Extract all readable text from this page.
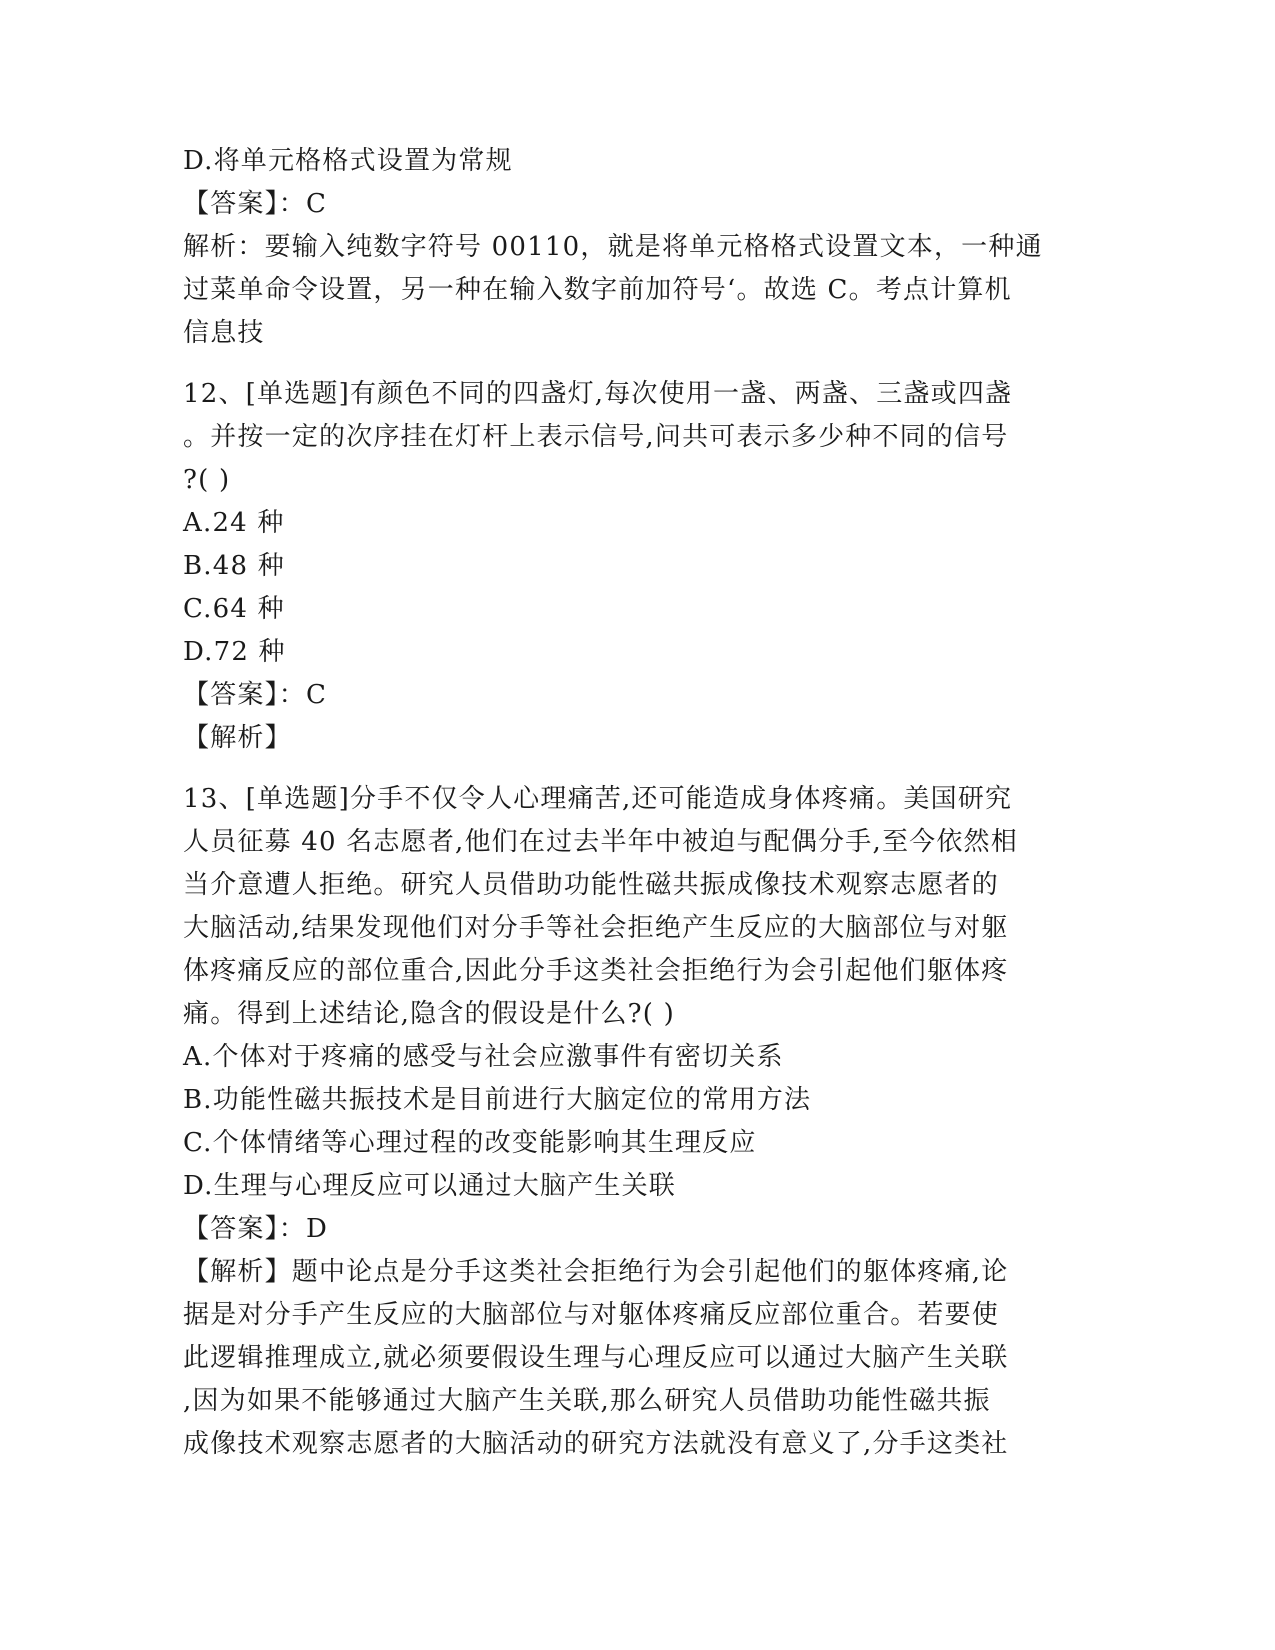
D.将单元格格式设置为常规
【答案】：C
解析：要输入纯数字符号 00110，就是将单元格格式设置文本，一种通
过菜单命令设置，另一种在输入数字前加符号‘。故选 C。考点计算机
信息技
12、[单选题]有颜色不同的四盏灯,每次使用一盏、两盏、三盏或四盏
。并按一定的次序挂在灯杆上表示信号,问共可表示多少种不同的信号
?( )
A.24 种
B.48 种
C.64 种
D.72 种
【答案】：C
【解析】
13、[单选题]分手不仅令人心理痛苦,还可能造成身体疼痛。美国研究
人员征募 40 名志愿者,他们在过去半年中被迫与配偶分手,至今依然相
当介意遭人拒绝。研究人员借助功能性磁共振成像技术观察志愿者的
大脑活动,结果发现他们对分手等社会拒绝产生反应的大脑部位与对躯
体疼痛反应的部位重合,因此分手这类社会拒绝行为会引起他们躯体疼
痛。得到上述结论,隐含的假设是什么?( )
A.个体对于疼痛的感受与社会应激事件有密切关系
B.功能性磁共振技术是目前进行大脑定位的常用方法
C.个体情绪等心理过程的改变能影响其生理反应
D.生理与心理反应可以通过大脑产生关联
【答案】：D
【解析】题中论点是分手这类社会拒绝行为会引起他们的躯体疼痛,论
据是对分手产生反应的大脑部位与对躯体疼痛反应部位重合。若要使
此逻辑推理成立,就必须要假设生理与心理反应可以通过大脑产生关联
,因为如果不能够通过大脑产生关联,那么研究人员借助功能性磁共振
成像技术观察志愿者的大脑活动的研究方法就没有意义了,分手这类社
